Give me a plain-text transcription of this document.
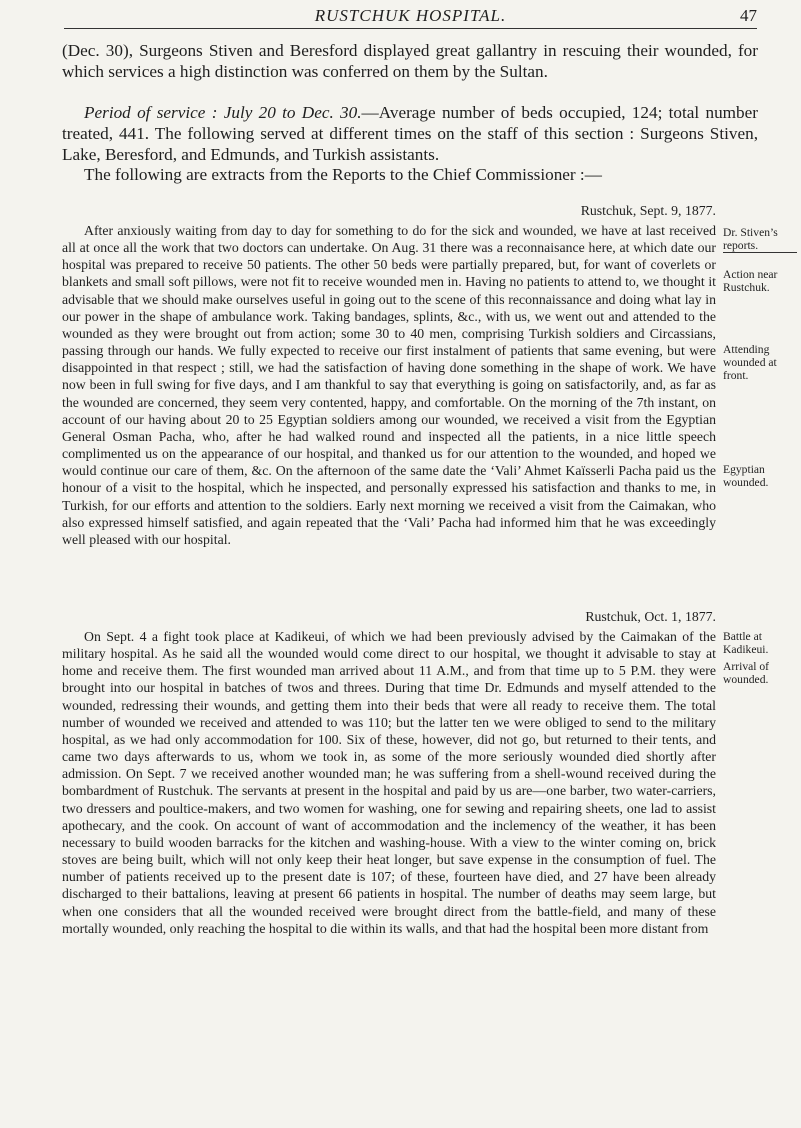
RUSTCHUK HOSPITAL.	47

(Dec. 30), Surgeons Stiven and Beresford displayed great gallantry in rescuing their wounded, for which services a high distinction was conferred on them by the Sultan.

Period of service : July 20 to Dec. 30.—Average number of beds occupied, 124; total number treated, 441. The following served at different times on the staff of this section : Surgeons Stiven, Lake, Beresford, and Edmunds, and Turkish assistants.

The following are extracts from the Reports to the Chief Commissioner :—

Rustchuk, Sept. 9, 1877.

After anxiously waiting from day to day for something to do for the sick and wounded, we have at last received all at once all the work that two doctors can undertake. On Aug. 31 there was a reconnaisance here, at which date our hospital was prepared to receive 50 patients. The other 50 beds were partially prepared, but, for want of coverlets or blankets and small soft pillows, were not fit to receive wounded men in. Having no patients to attend to, we thought it advisable that we should make ourselves useful in going out to the scene of this reconnaissance and doing what lay in our power in the shape of ambulance work. Taking bandages, splints, &c., with us, we went out and attended to the wounded as they were brought out from action; some 30 to 40 men, comprising Turkish soldiers and Circassians, passing through our hands. We fully expected to receive our first instalment of patients that same evening, but were disappointed in that respect ; still, we had the satisfaction of having done something in the shape of work. We have now been in full swing for five days, and I am thankful to say that everything is going on satisfactorily, and, as far as the wounded are concerned, they seem very contented, happy, and comfortable. On the morning of the 7th instant, on account of our having about 20 to 25 Egyptian soldiers among our wounded, we received a visit from the Egyptian General Osman Pacha, who, after he had walked round and inspected all the patients, in a nice little speech complimented us on the appearance of our hospital, and thanked us for our attention to the wounded, and hoped we would continue our care of them, &c. On the afternoon of the same date the ‘Vali’ Ahmet Kaïsserli Pacha paid us the honour of a visit to the hospital, which he inspected, and personally expressed his satisfaction and thanks to me, in Turkish, for our efforts and attention to the soldiers. Early next morning we received a visit from the Caimakan, who also expressed himself satisfied, and again repeated that the ‘Vali’ Pacha had informed him that he was exceedingly well pleased with our hospital.

Rustchuk, Oct. 1, 1877.

On Sept. 4 a fight took place at Kadikeui, of which we had been previously advised by the Caimakan of the military hospital. As he said all the wounded would come direct to our hospital, we thought it advisable to stay at home and receive them. The first wounded man arrived about 11 A.M., and from that time up to 5 P.M. they were brought into our hospital in batches of twos and threes. During that time Dr. Edmunds and myself attended to the wounded, redressing their wounds, and getting them into their beds that were all ready to receive them. The total number of wounded we received and attended to was 110; but the latter ten we were obliged to send to the military hospital, as we had only accommodation for 100. Six of these, however, did not go, but returned to their tents, and came two days afterwards to us, whom we took in, as some of the more seriously wounded died shortly after admission. On Sept. 7 we received another wounded man; he was suffering from a shell-wound received during the bombardment of Rustchuk. The servants at present in the hospital and paid by us are—one barber, two water-carriers, two dressers and poultice-makers, and two women for washing, one for sewing and repairing sheets, one lad to assist apothecary, and the cook. On account of want of accommodation and the inclemency of the weather, it has been necessary to build wooden barracks for the kitchen and washing-house. With a view to the winter coming on, brick stoves are being built, which will not only keep their heat longer, but save expense in the consumption of fuel. The number of patients received up to the present date is 107; of these, fourteen have died, and 27 have been already discharged to their battalions, leaving at present 66 patients in hospital. The number of deaths may seem large, but when one considers that all the wounded received were brought direct from the battle-field, and many of these mortally wounded, only reaching the hospital to die within its walls, and that had the hospital been more distant from

Dr. Stiven’s reports.
Action near Rustchuk.
Attending wounded at front.
Egyptian wounded.
Battle at Kadikeui.
Arrival of wounded.
